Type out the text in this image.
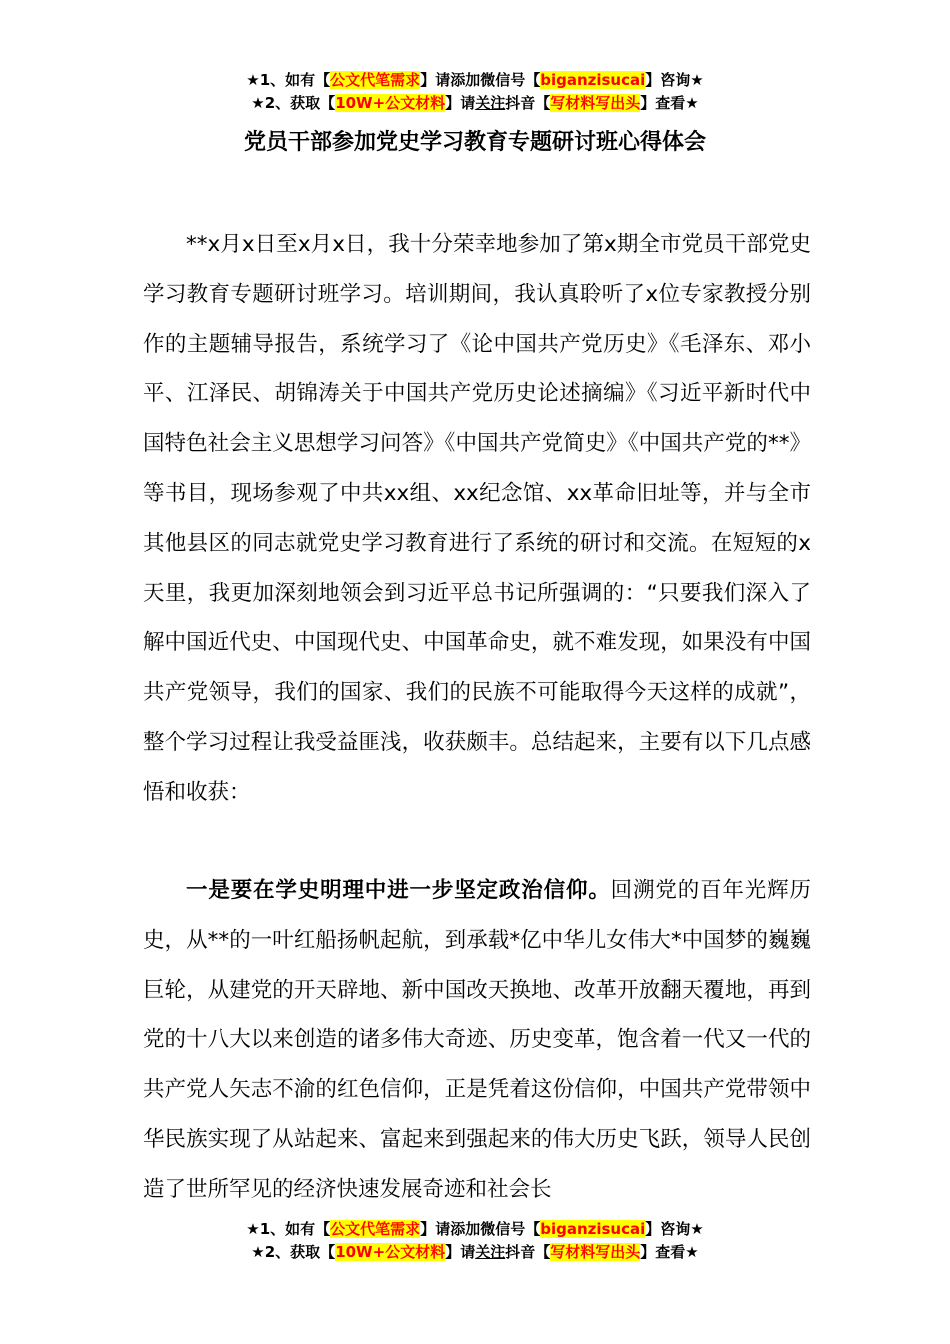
★1、如有【公文代笔需求】请添加微信号【biganzisucai】咨询★
★2、获取【10W+公文材料】请关注抖音【写材料写出头】查看★
党员干部参加党史学习教育专题研讨班心得体会

**x月x日至x月x日，我十分荣幸地参加了第x期全市党员干部党史学习教育专题研讨班学习。培训期间，我认真聆听了x位专家教授分别作的主题辅导报告，系统学习了《论中国共产党历史》《毛泽东、邓小平、江泽民、胡锦涛关于中国共产党历史论述摘编》《习近平新时代中国特色社会主义思想学习问答》《中国共产党简史》《中国共产党的**》等书目，现场参观了中共xx组、xx纪念馆、xx革命旧址等，并与全市其他县区的同志就党史学习教育进行了系统的研讨和交流。在短短的x天里，我更加深刻地领会到习近平总书记所强调的：“只要我们深入了解中国近代史、中国现代史、中国革命史，就不难发现，如果没有中国共产党领导，我们的国家、我们的民族不可能取得今天这样的成就”，整个学习过程让我受益匪浅，收获颇丰。总结起来，主要有以下几点感悟和收获：

一是要在学史明理中进一步坚定政治信仰。回溯党的百年光辉历史，从**的一叶红船扬帆起航，到承载*亿中华儿女伟大*中国梦的巍巍巨轮，从建党的开天辟地、新中国改天换地、改革开放翻天覆地，再到党的十八大以来创造的诸多伟大奇迹、历史变革，饱含着一代又一代的共产党人矢志不渝的红色信仰，正是凭着这份信仰，中国共产党带领中华民族实现了从站起来、富起来到强起来的伟大历史飞跃，领导人民创造了世所罕见的经济快速发展奇迹和社会长

★1、如有【公文代笔需求】请添加微信号【biganzisucai】咨询★
★2、获取【10W+公文材料】请关注抖音【写材料写出头】查看★
